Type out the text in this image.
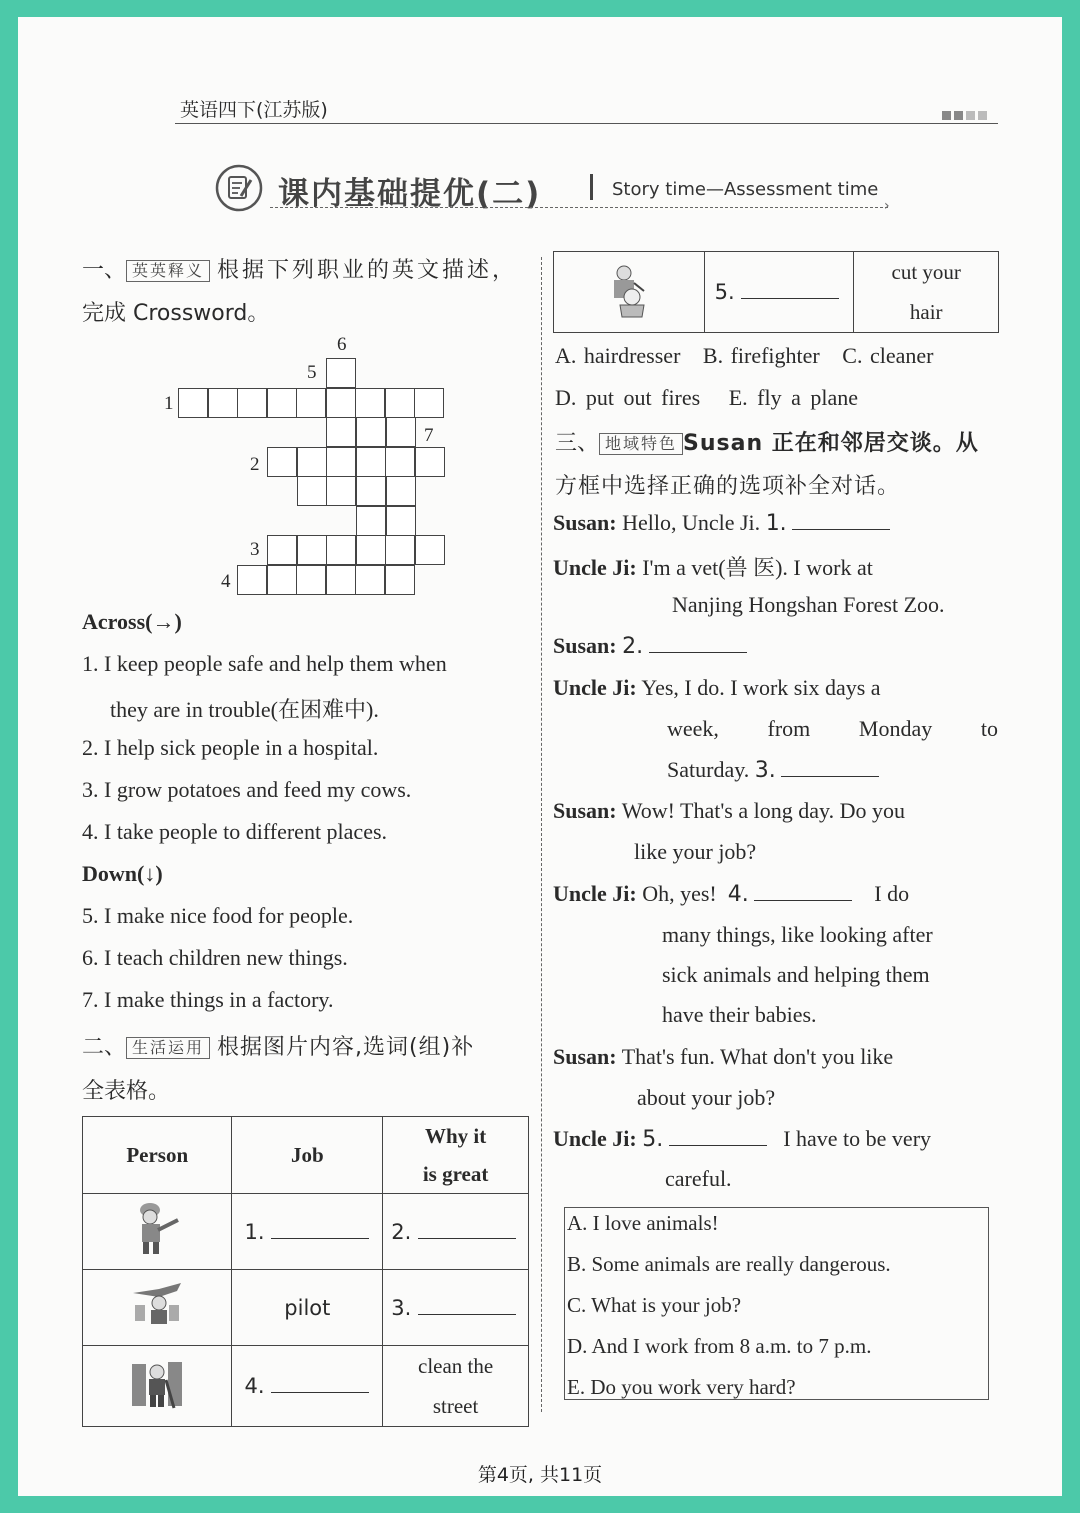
英语四下(江苏版)
课内基础提优(二)	Story time—Assessment time
›
一、 英英释义 根据下列职业的英文描述，
完成 Crossword。
1
2
3
4
5
6
7
Across(→)
1. I keep people safe and help them when
they are in trouble(在困难中).
2. I help sick people in a hospital.
3. I grow potatoes and feed my cows.
4. I take people to different places.
Down(↓)
5. I make nice food for people.
6. I teach children new things.
7. I make things in a factory.
二、 生活运用 根据图片内容,选词(组)补
全表格。
Person	Job	Why it
is great
	1.	2.
	pilot	3.
	4.	clean the
street
	5.	cut your
hair
A. hairdresser B. firefighter C. cleaner
D. put out fires E. fly a plane
三、 地域特色 Susan 正在和邻居交谈。从
方框中选择正确的选项补全对话。
Susan: Hello, Uncle Ji. 1.
Uncle Ji: I'm a vet(兽 医). I work at
Nanjing Hongshan Forest Zoo.
Susan: 2.
Uncle Ji: Yes, I do. I work six days a
week, from Monday to
Saturday. 3.
Susan: Wow! That's a long day. Do you
like your job?
Uncle Ji: Oh, yes! 4.	I do
many things, like looking after
sick animals and helping them
have their babies.
Susan: That's fun. What don't you like
about your job?
Uncle Ji: 5.	I have to be very
careful.
A. I love animals!
B. Some animals are really dangerous.
C. What is your job?
D. And I work from 8 a.m. to 7 p.m.
E. Do you work very hard?
第4页, 共11页
